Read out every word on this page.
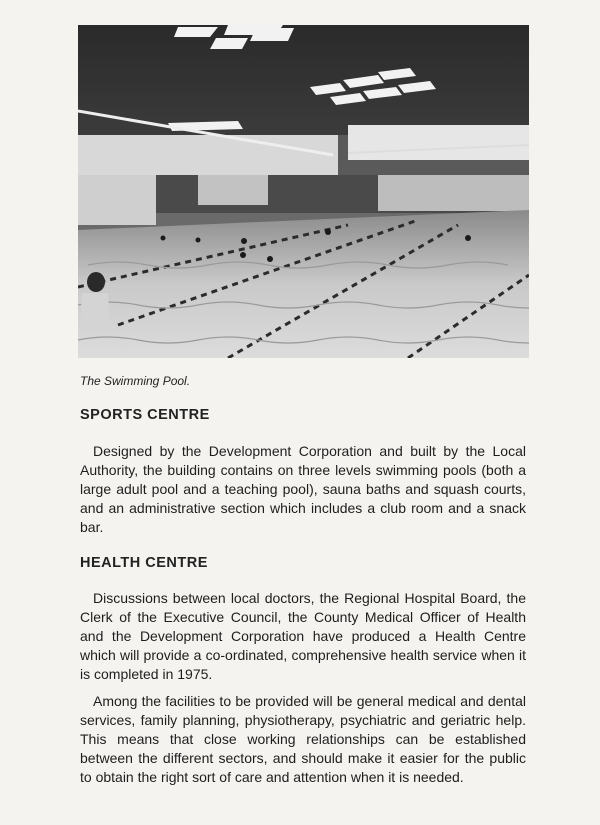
The Swimming Pool.
SPORTS CENTRE
Designed by the Development Corporation and built by the Local Authority, the building contains on three levels swimming pools (both a large adult pool and a teaching pool), sauna baths and squash courts, and an administrative section which includes a club room and a snack bar.
HEALTH CENTRE
Discussions between local doctors, the Regional Hospital Board, the Clerk of the Executive Council, the County Medical Officer of Health and the Development Corporation have produced a Health Centre which will provide a co-ordinated, comprehensive health service when it is completed in 1975.
Among the facilities to be provided will be general medical and dental services, family planning, physiotherapy, psychiatric and geriatric help. This means that close working relationships can be established between the different sectors, and should make it easier for the public to obtain the right sort of care and attention when it is needed.
